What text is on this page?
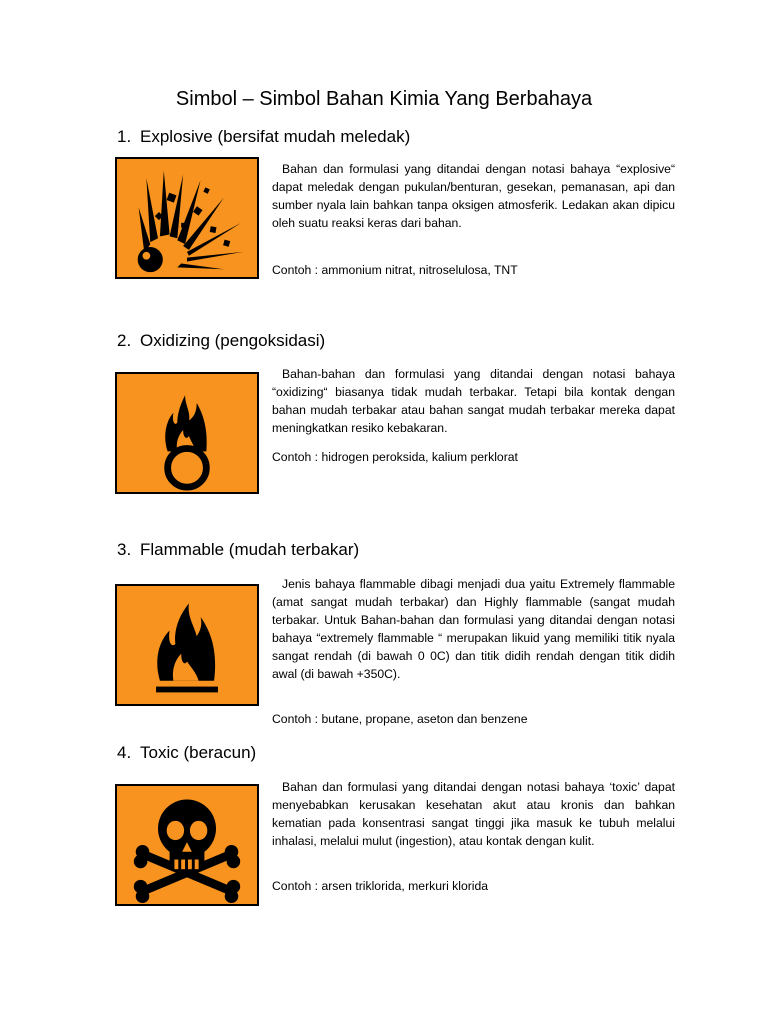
Simbol – Simbol Bahan Kimia Yang Berbahaya
1. Explosive (bersifat mudah meledak)
Bahan dan formulasi yang ditandai dengan notasi bahaya “explosive“ dapat meledak dengan pukulan/benturan, gesekan, pemanasan, api dan sumber nyala lain bahkan tanpa oksigen atmosferik. Ledakan akan dipicu oleh suatu reaksi keras dari bahan.
Contoh : ammonium nitrat, nitroselulosa, TNT
2. Oxidizing (pengoksidasi)
Bahan-bahan dan formulasi yang ditandai dengan notasi bahaya “oxidizing“ biasanya tidak mudah terbakar. Tetapi bila kontak dengan bahan mudah terbakar atau bahan sangat mudah terbakar mereka dapat meningkatkan resiko kebakaran.
Contoh : hidrogen peroksida, kalium perklorat
3. Flammable (mudah terbakar)
Jenis bahaya flammable dibagi menjadi dua yaitu Extremely flammable (amat sangat mudah terbakar) dan Highly flammable (sangat mudah terbakar. Untuk Bahan-bahan dan formulasi yang ditandai dengan notasi bahaya “extremely flammable “ merupakan likuid yang memiliki titik nyala sangat rendah (di bawah 0 0C) dan titik didih rendah dengan titik didih awal (di bawah +350C).
Contoh : butane, propane, aseton dan benzene
4. Toxic (beracun)
Bahan dan formulasi yang ditandai dengan notasi bahaya ‘toxic’ dapat menyebabkan kerusakan kesehatan akut atau kronis dan bahkan kematian pada konsentrasi sangat tinggi jika masuk ke tubuh melalui inhalasi, melalui mulut (ingestion), atau kontak dengan kulit.
Contoh : arsen triklorida, merkuri klorida
